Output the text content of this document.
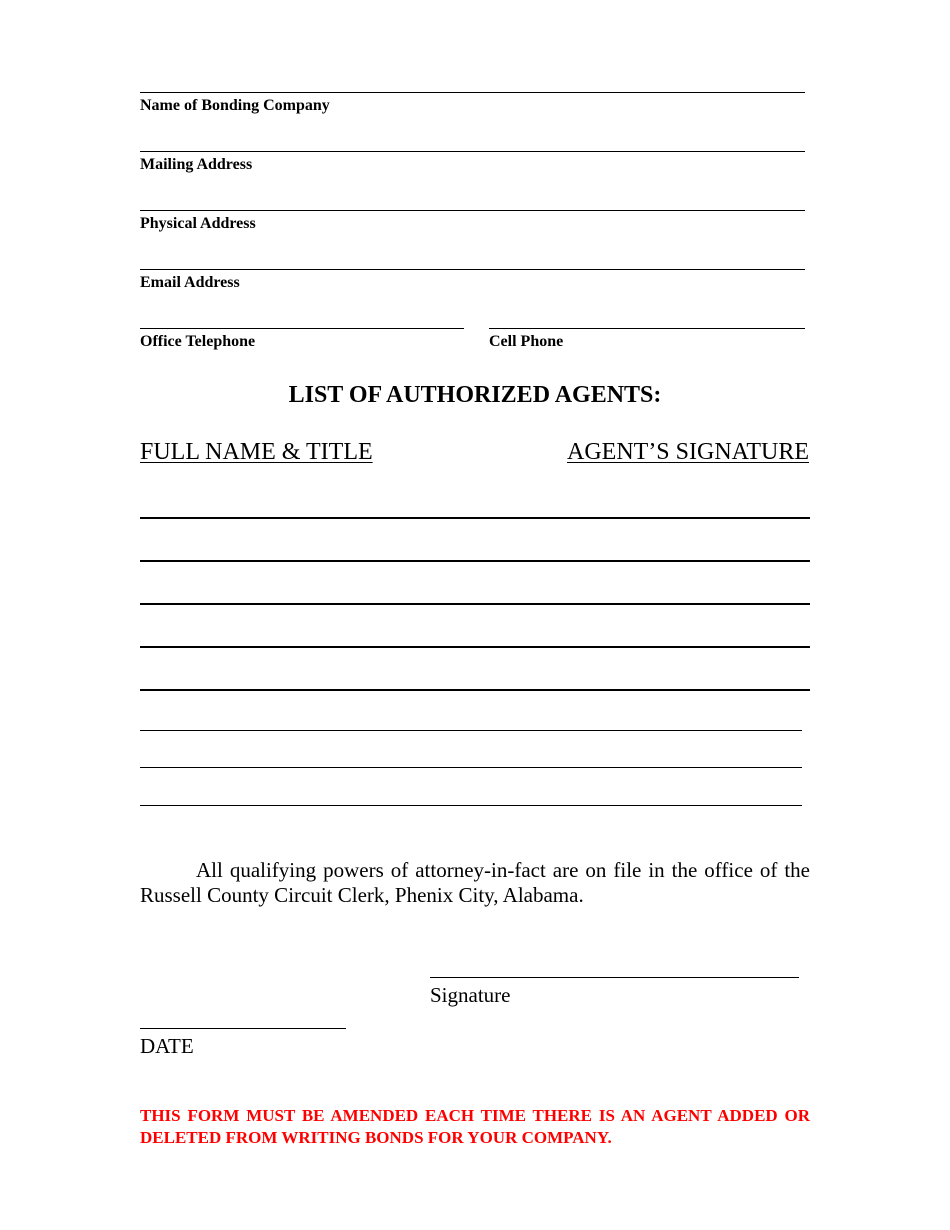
Name of Bonding Company
Mailing Address
Physical Address
Email Address
Office Telephone	Cell Phone
LIST OF AUTHORIZED AGENTS:
FULL NAME & TITLE	AGENT’S SIGNATURE
All qualifying powers of attorney-in-fact are on file in the office of the Russell County Circuit Clerk, Phenix City, Alabama.
Signature
DATE
THIS FORM MUST BE AMENDED EACH TIME THERE IS AN AGENT ADDED OR DELETED FROM WRITING BONDS FOR YOUR COMPANY.
